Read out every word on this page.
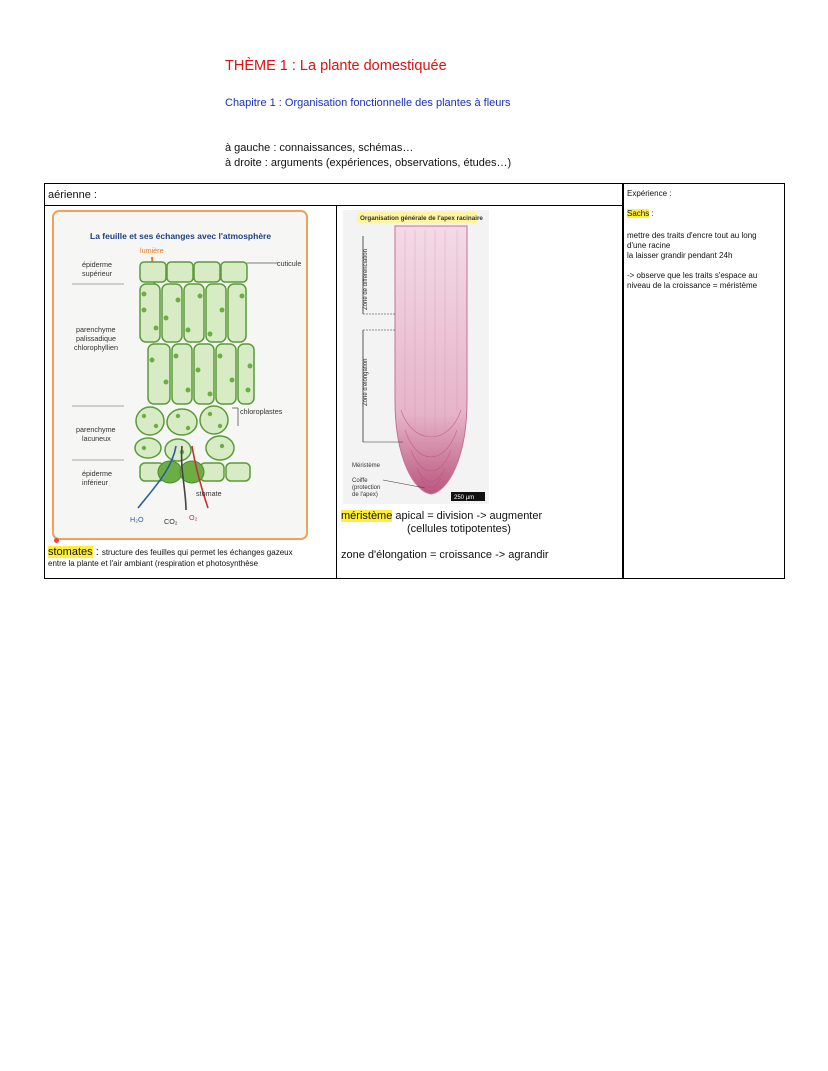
THÈME 1 : La plante domestiquée
Chapitre 1 : Organisation fonctionnelle des plantes à fleurs
à gauche : connaissances, schémas…
à droite : arguments (expériences, observations, études…)
aérienne :	Expérience :
Sachs :
mettre des traits d'encre tout au long
d'une racine
la laisser grandir pendant 24h
-> observe que les traits s'espace au
niveau de la croissance = méristème
La feuille et ses échanges avec l'atmosphère
lumière
cuticule
chloroplastes
stomate
H₂O	CO₂ O₂
épiderme
supérieur
parenchyme
palissadique
chlorophyllien
parenchyme
lacuneux
épiderme
inférieur
stomates : structure des feuilles qui permet les échanges gazeux
entre la plante et l'air ambiant (respiration et photosynthèse
Organisation générale de l'apex racinaire
Zone de différenciation
Zone d'élongation
Méristème
Coiffe
(protection
de l'apex)	250 µm
méristème apical = division -> augmenter
(cellules totipotentes)
zone d'élongation = croissance -> agrandir
